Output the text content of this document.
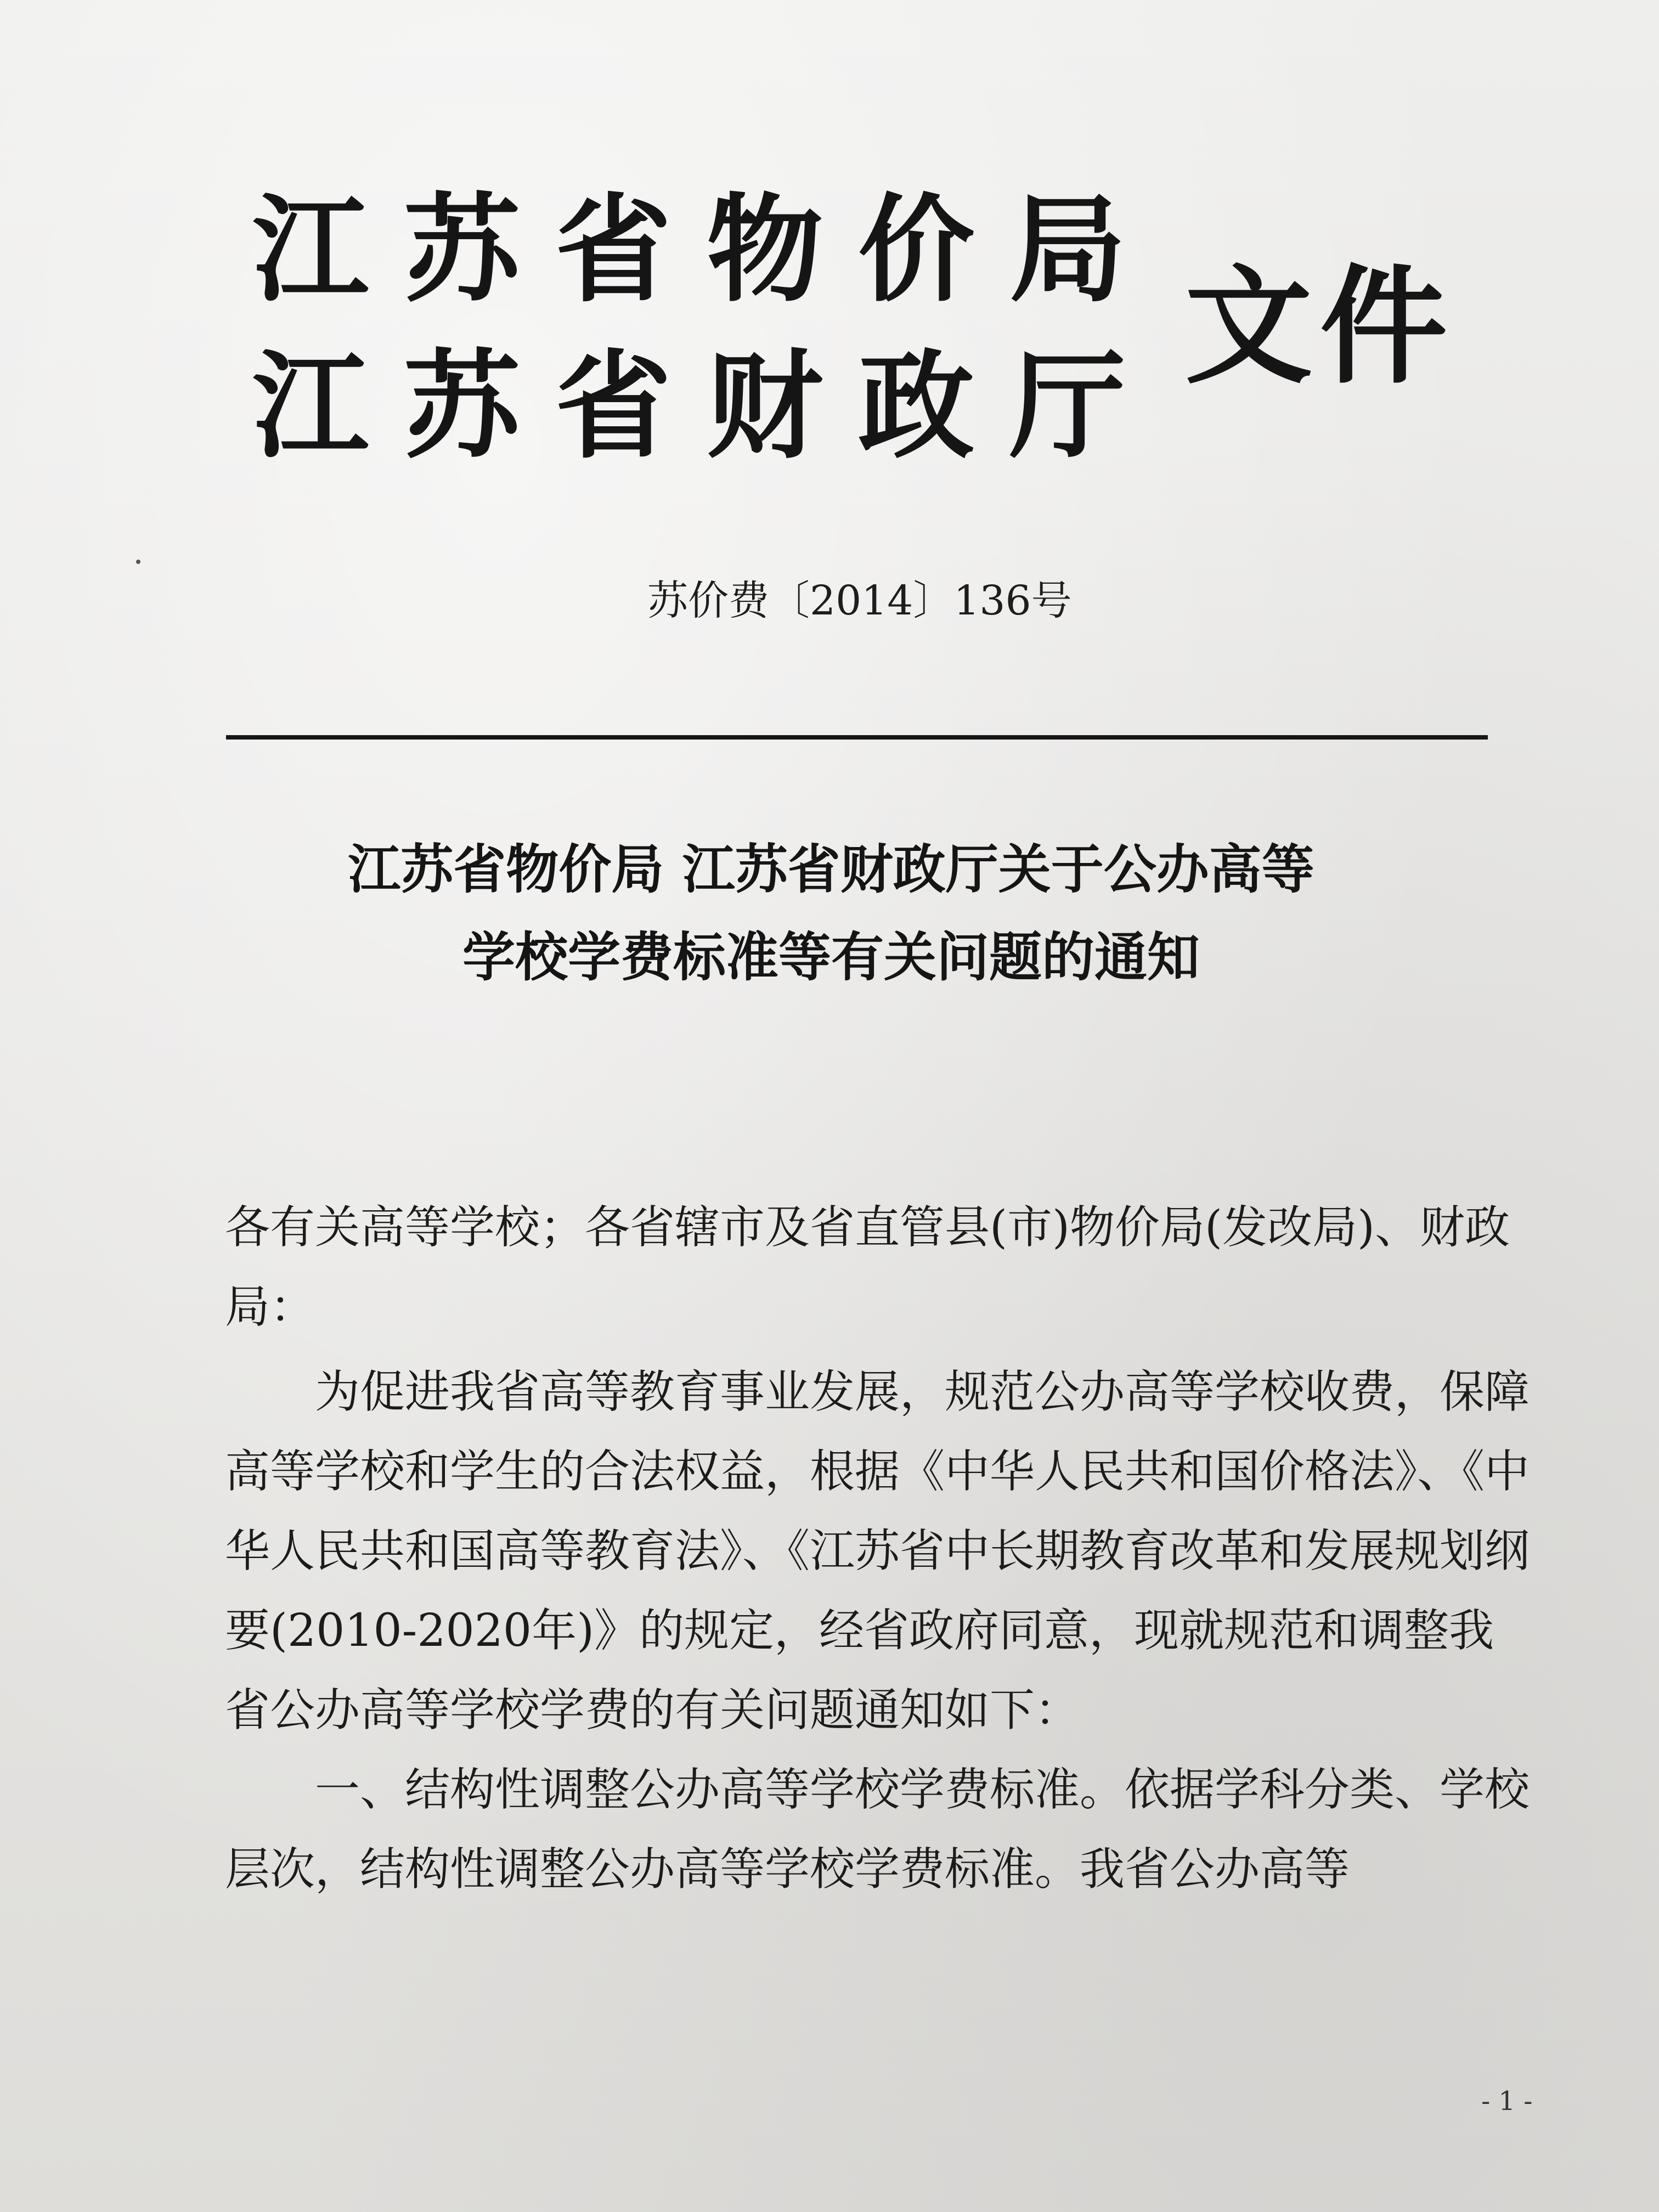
江苏省物价局
江苏省财政厅
文件
苏价费〔2014〕136号
江苏省物价局 江苏省财政厅关于公办高等
学校学费标准等有关问题的通知

各有关高等学校；各省辖市及省直管县(市)物价局(发改局)、财政局：

为促进我省高等教育事业发展，规范公办高等学校收费，保障高等学校和学生的合法权益，根据《中华人民共和国价格法》、《中华人民共和国高等教育法》、《江苏省中长期教育改革和发展规划纲要(2010-2020年)》的规定，经省政府同意，现就规范和调整我省公办高等学校学费的有关问题通知如下：

一、结构性调整公办高等学校学费标准。依据学科分类、学校层次，结构性调整公办高等学校学费标准。我省公办高等

- 1 -
